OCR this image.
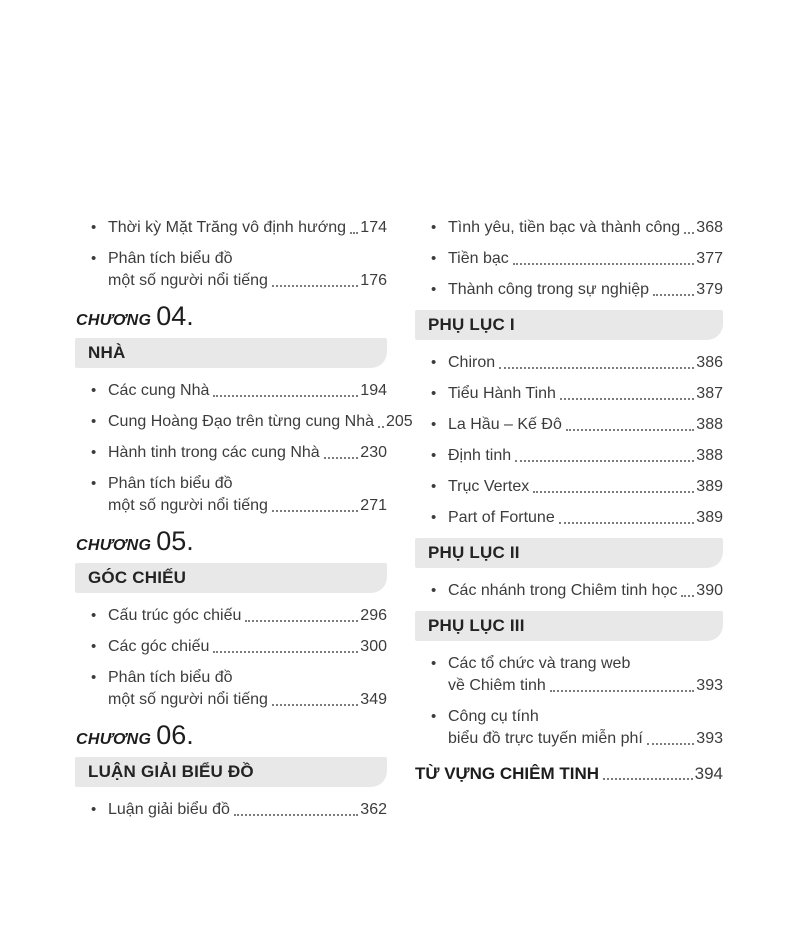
• Thời kỳ Mặt Trăng vô định hướng 174
• Phân tích biểu đồ
một số người nổi tiếng	176
CHƯƠNG 04.
NHÀ
• Các cung Nhà	194
• Cung Hoàng Đạo trên từng cung Nhà 205
• Hành tinh trong các cung Nhà	230
• Phân tích biểu đồ
một số người nổi tiếng	271
CHƯƠNG 05.
GÓC CHIẾU
• Cấu trúc góc chiếu	296
• Các góc chiếu	300
• Phân tích biểu đồ
một số người nổi tiếng	349
CHƯƠNG 06.
LUẬN GIẢI BIỂU ĐỒ
• Luận giải biểu đồ	362
• Tình yêu, tiền bạc và thành công 368
• Tiền bạc	377
• Thành công trong sự nghiệp	379
PHỤ LỤC I
• Chiron	386
• Tiểu Hành Tinh	387
• La Hầu – Kế Đô	388
• Định tinh	388
• Trục Vertex	389
• Part of Fortune	389
PHỤ LỤC II
• Các nhánh trong Chiêm tinh học 390
PHỤ LỤC III
• Các tổ chức và trang web
về Chiêm tinh	393
• Công cụ tính
biểu đồ trực tuyến miễn phí	393
TỪ VỰNG CHIÊM TINH	394
